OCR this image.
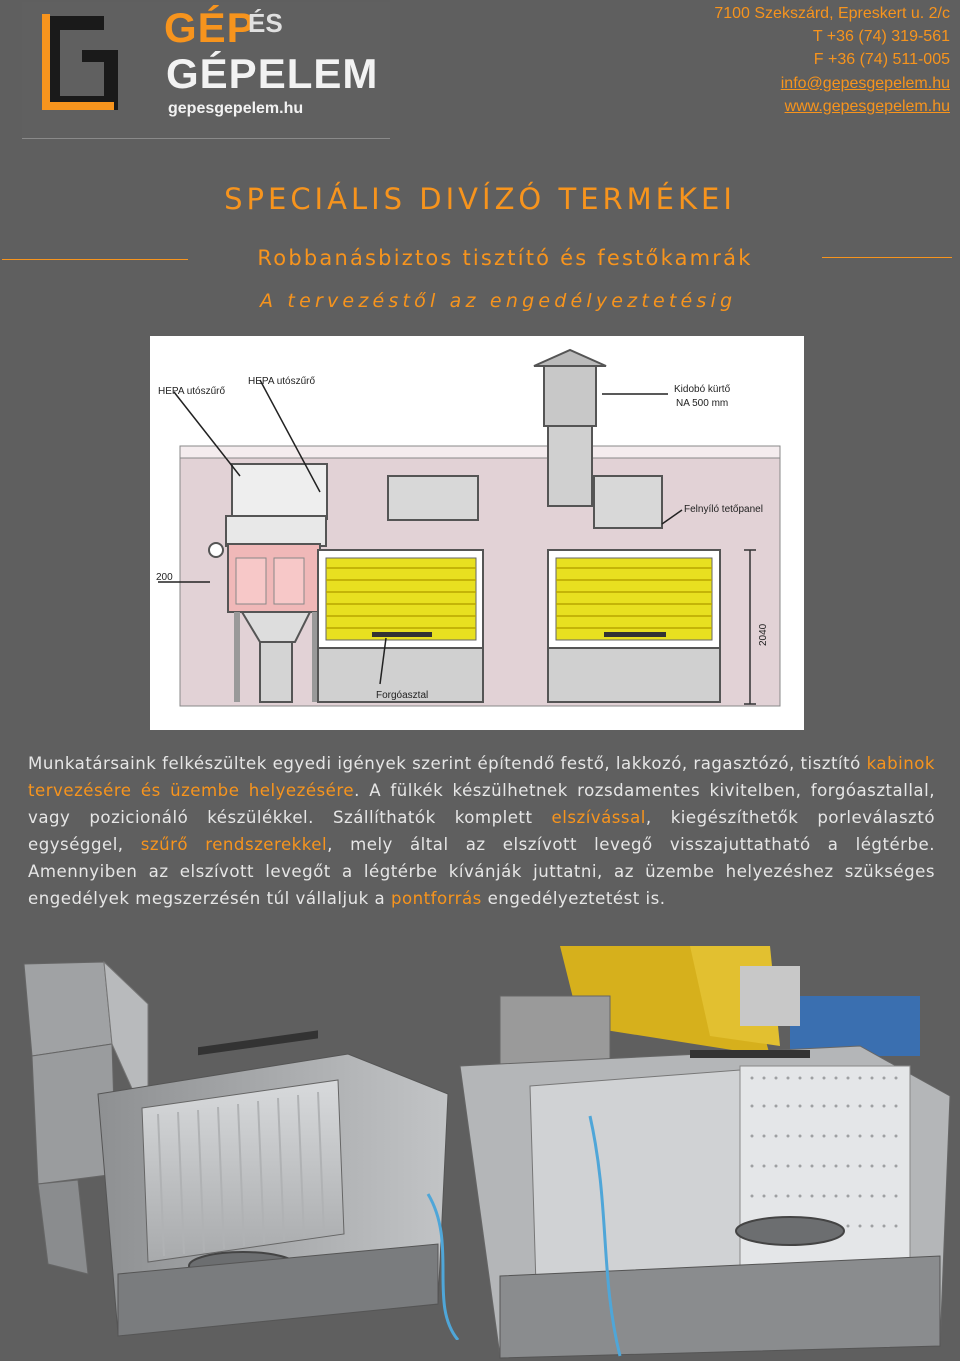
GÉP
ÉS
GÉPELEM
gepesgepelem.hu
7100 Szekszárd, Epreskert u. 2/c
T +36 (74) 319-561
F +36 (74) 511-005
info@gepesgepelem.hu
www.gepesgepelem.hu
SPECIÁLIS DIVÍZÓ TERMÉKEI
Robbanásbiztos tisztító és festőkamrák
A tervezéstől az engedélyeztetésig
HEPA utószűrő
HEPA utószűrő
Kidobó kürtő
NA 500 mm
Felnyíló tetőpanel
200
Forgóasztal
2040
Munkatársaink felkészültek egyedi igények szerint építendő festő, lakkozó, ragasztózó, tisztító kabinok tervezésére és üzembe helyezésére. A fülkék készülhetnek rozsdamentes kivitelben, forgóasztallal, vagy pozicionáló készülékkel. Szállíthatók komplett elszívással, kiegészíthetők porleválasztó egységgel, szűrő rendszerekkel, mely által az elszívott levegő visszajuttatható a légtérbe. Amennyiben az elszívott levegőt a légtérbe kívánják juttatni, az üzembe helyezéshez szükséges engedélyek megszerzésén túl vállaljuk a pontforrás engedélyeztetést is.
